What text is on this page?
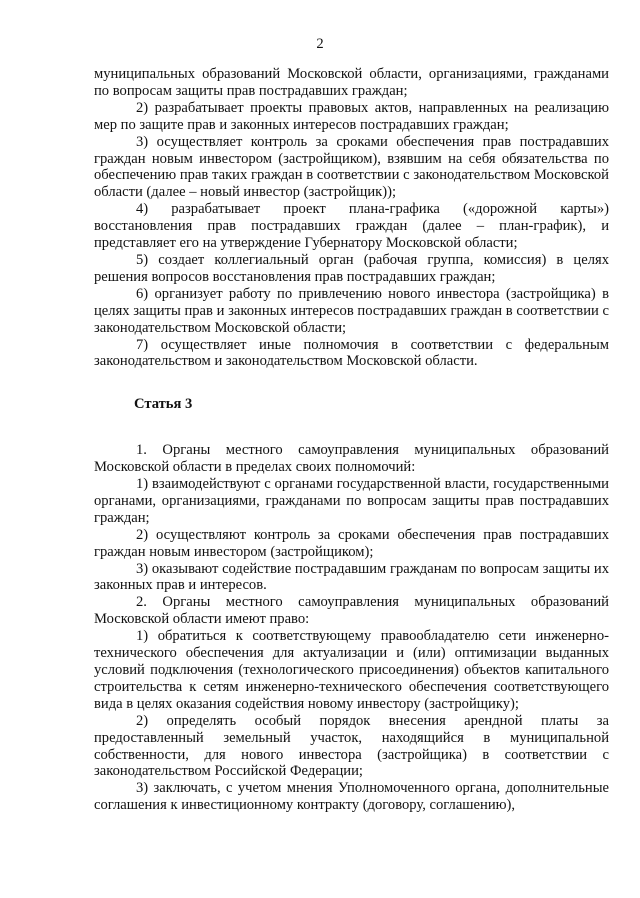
2

муниципальных образований Московской области, организациями, гражданами по вопросам защиты прав пострадавших граждан;

2) разрабатывает проекты правовых актов, направленных на реализацию мер по защите прав и законных интересов пострадавших граждан;

3) осуществляет контроль за сроками обеспечения прав пострадавших граждан новым инвестором (застройщиком), взявшим на себя обязательства по обеспечению прав таких граждан в соответствии с законодательством Московской области (далее – новый инвестор (застройщик));

4) разрабатывает проект плана-графика («дорожной карты») восстановления прав пострадавших граждан (далее – план-график), и представляет его на утверждение Губернатору Московской области;

5) создает коллегиальный орган (рабочая группа, комиссия) в целях решения вопросов восстановления прав пострадавших граждан;

6) организует работу по привлечению нового инвестора (застройщика) в целях защиты прав и законных интересов пострадавших граждан в соответствии с законодательством Московской области;

7) осуществляет иные полномочия в соответствии с федеральным законодательством и законодательством Московской области.

Статья 3

1. Органы местного самоуправления муниципальных образований Московской области в пределах своих полномочий:

1) взаимодействуют с органами государственной власти, государственными органами, организациями, гражданами по вопросам защиты прав пострадавших граждан;

2) осуществляют контроль за сроками обеспечения прав пострадавших граждан новым инвестором (застройщиком);

3) оказывают содействие пострадавшим гражданам по вопросам защиты их законных прав и интересов.

2. Органы местного самоуправления муниципальных образований Московской области имеют право:

1) обратиться к соответствующему правообладателю сети инженерно-технического обеспечения для актуализации и (или) оптимизации выданных условий подключения (технологического присоединения) объектов капитального строительства к сетям инженерно-технического обеспечения соответствующего вида в целях оказания содействия новому инвестору (застройщику);

2) определять особый порядок внесения арендной платы за предоставленный земельный участок, находящийся в муниципальной собственности, для нового инвестора (застройщика) в соответствии с законодательством Российской Федерации;

3) заключать, с учетом мнения Уполномоченного органа, дополнительные соглашения к инвестиционному контракту (договору, соглашению),
